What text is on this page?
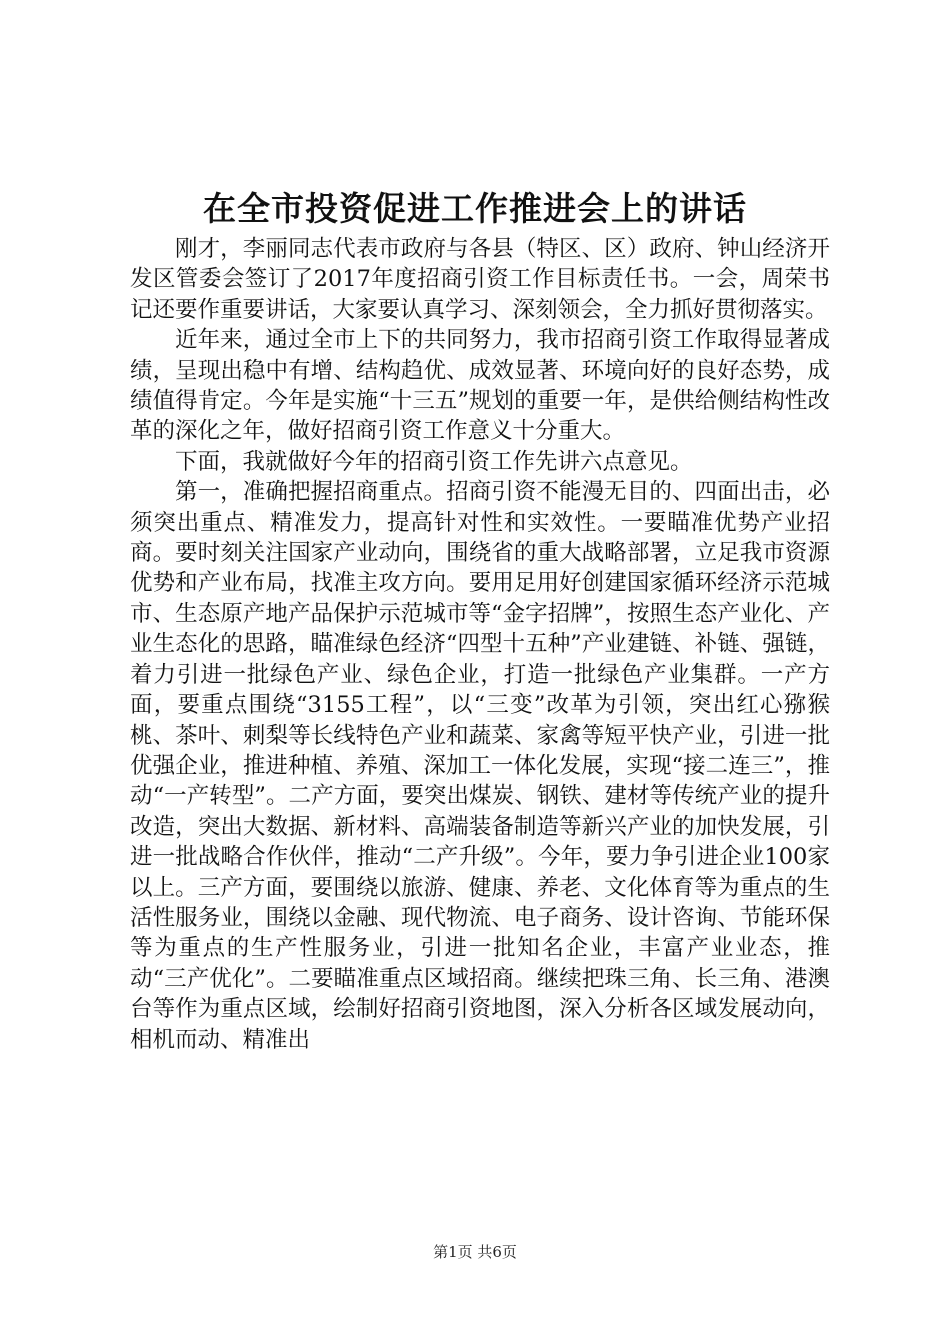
在全市投资促进工作推进会上的讲话

刚才，李丽同志代表市政府与各县（特区、区）政府、钟山经济开发区管委会签订了2017年度招商引资工作目标责任书。一会，周荣书记还要作重要讲话，大家要认真学习、深刻领会，全力抓好贯彻落实。

近年来，通过全市上下的共同努力，我市招商引资工作取得显著成绩，呈现出稳中有增、结构趋优、成效显著、环境向好的良好态势，成绩值得肯定。今年是实施“十三五”规划的重要一年，是供给侧结构性改革的深化之年，做好招商引资工作意义十分重大。

下面，我就做好今年的招商引资工作先讲六点意见。

第一，准确把握招商重点。招商引资不能漫无目的、四面出击，必须突出重点、精准发力，提高针对性和实效性。一要瞄准优势产业招商。要时刻关注国家产业动向，围绕省的重大战略部署，立足我市资源优势和产业布局，找准主攻方向。要用足用好创建国家循环经济示范城市、生态原产地产品保护示范城市等“金字招牌”，按照生态产业化、产业生态化的思路，瞄准绿色经济“四型十五种”产业建链、补链、强链，着力引进一批绿色产业、绿色企业，打造一批绿色产业集群。一产方面，要重点围绕“3155工程”，以“三变”改革为引领，突出红心猕猴桃、茶叶、刺梨等长线特色产业和蔬菜、家禽等短平快产业，引进一批优强企业，推进种植、养殖、深加工一体化发展，实现“接二连三”，推动“一产转型”。二产方面，要突出煤炭、钢铁、建材等传统产业的提升改造，突出大数据、新材料、高端装备制造等新兴产业的加快发展，引进一批战略合作伙伴，推动“二产升级”。今年，要力争引进企业100家以上。三产方面，要围绕以旅游、健康、养老、文化体育等为重点的生活性服务业，围绕以金融、现代物流、电子商务、设计咨询、节能环保等为重点的生产性服务业，引进一批知名企业，丰富产业业态，推动“三产优化”。二要瞄准重点区域招商。继续把珠三角、长三角、港澳台等作为重点区域，绘制好招商引资地图，深入分析各区域发展动向，相机而动、精准出

第1页 共6页
